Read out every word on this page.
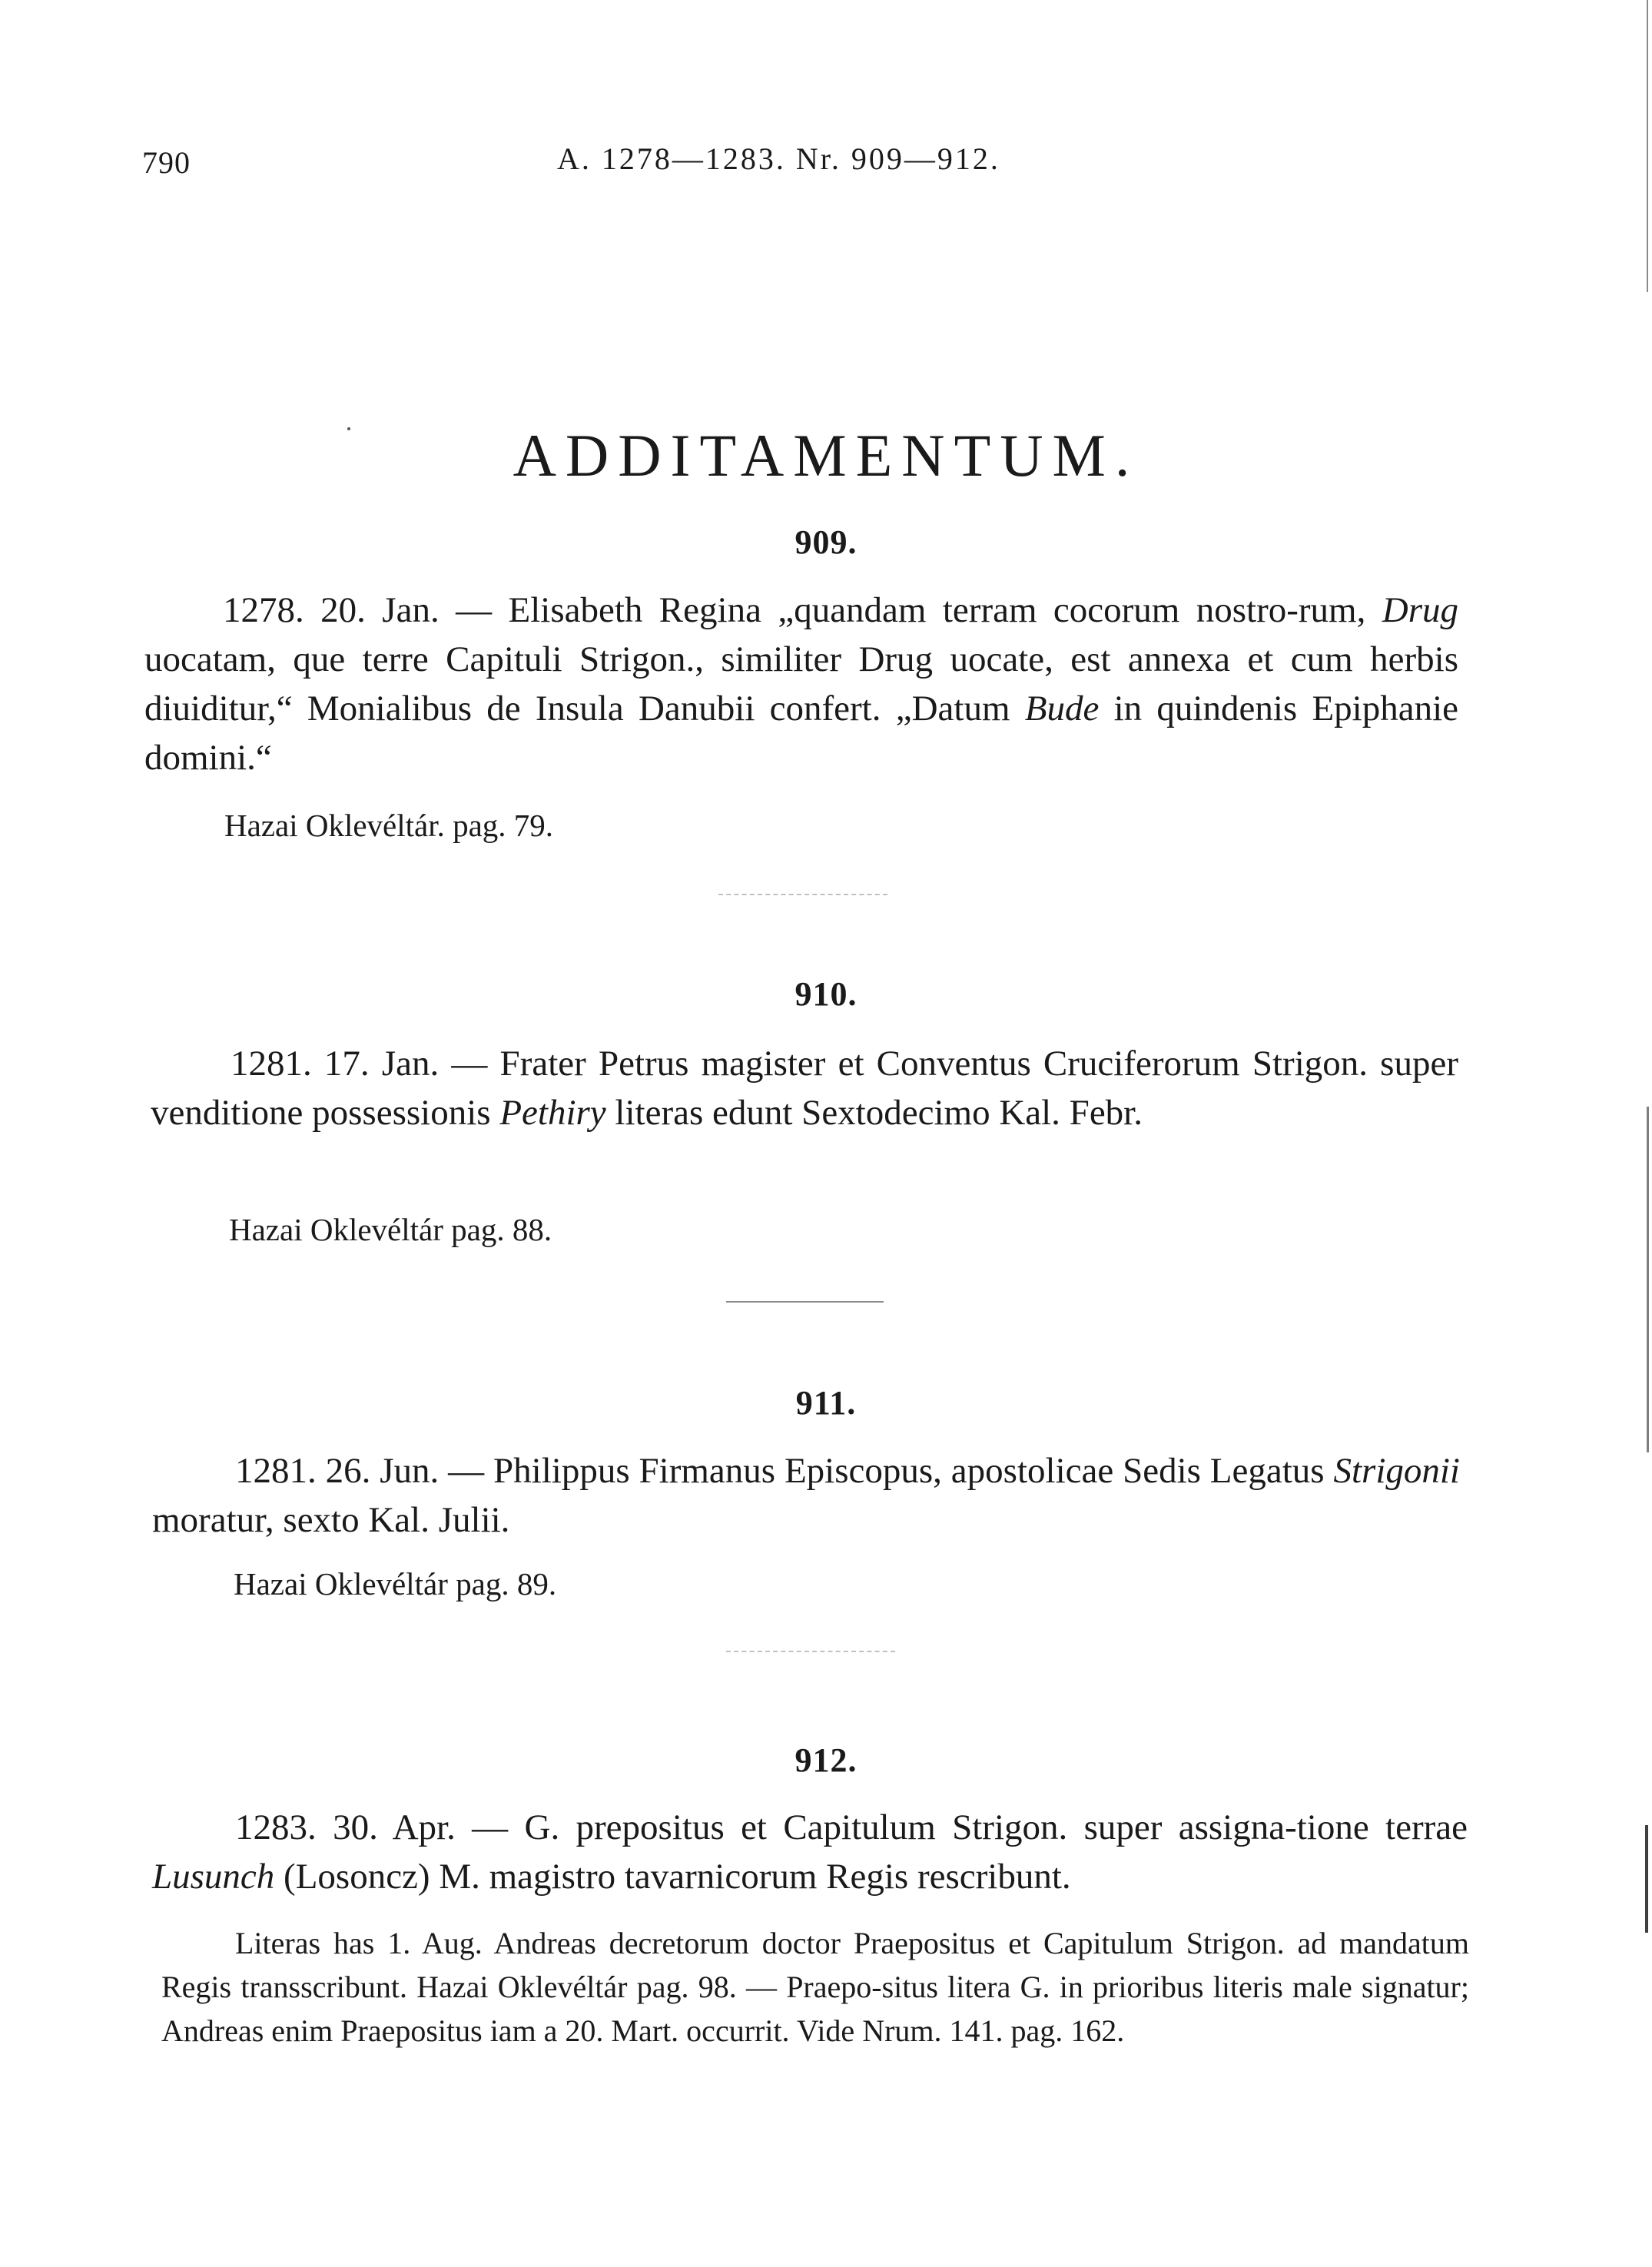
790	A. 1278—1283. Nr. 909—912.
ADDITAMENTUM.
909.

1278. 20. Jan. — Elisabeth Regina „quandam terram cocorum nostro-rum, Drug uocatam, que terre Capituli Strigon., similiter Drug uocate, est annexa et cum herbis diuiditur,“ Monialibus de Insula Danubii confert. „Datum Bude in quindenis Epiphanie domini.“

Hazai Oklevéltár. pag. 79.
910.

1281. 17. Jan. — Frater Petrus magister et Conventus Cruciferorum Strigon. super venditione possessionis Pethiry literas edunt Sextodecimo Kal. Febr.

Hazai Oklevéltár pag. 88.
911.

1281. 26. Jun. — Philippus Firmanus Episcopus, apostolicae Sedis Legatus Strigonii moratur, sexto Kal. Julii.

Hazai Oklevéltár pag. 89.
912.

1283. 30. Apr. — G. prepositus et Capitulum Strigon. super assigna-tione terrae Lusunch (Losoncz) M. magistro tavarnicorum Regis rescribunt.

Literas has 1. Aug. Andreas decretorum doctor Praepositus et Capitulum Strigon. ad mandatum Regis transscribunt. Hazai Oklevéltár pag. 98. — Praepo-situs litera G. in prioribus literis male signatur; Andreas enim Praepositus iam a 20. Mart. occurrit. Vide Nrum. 141. pag. 162.
